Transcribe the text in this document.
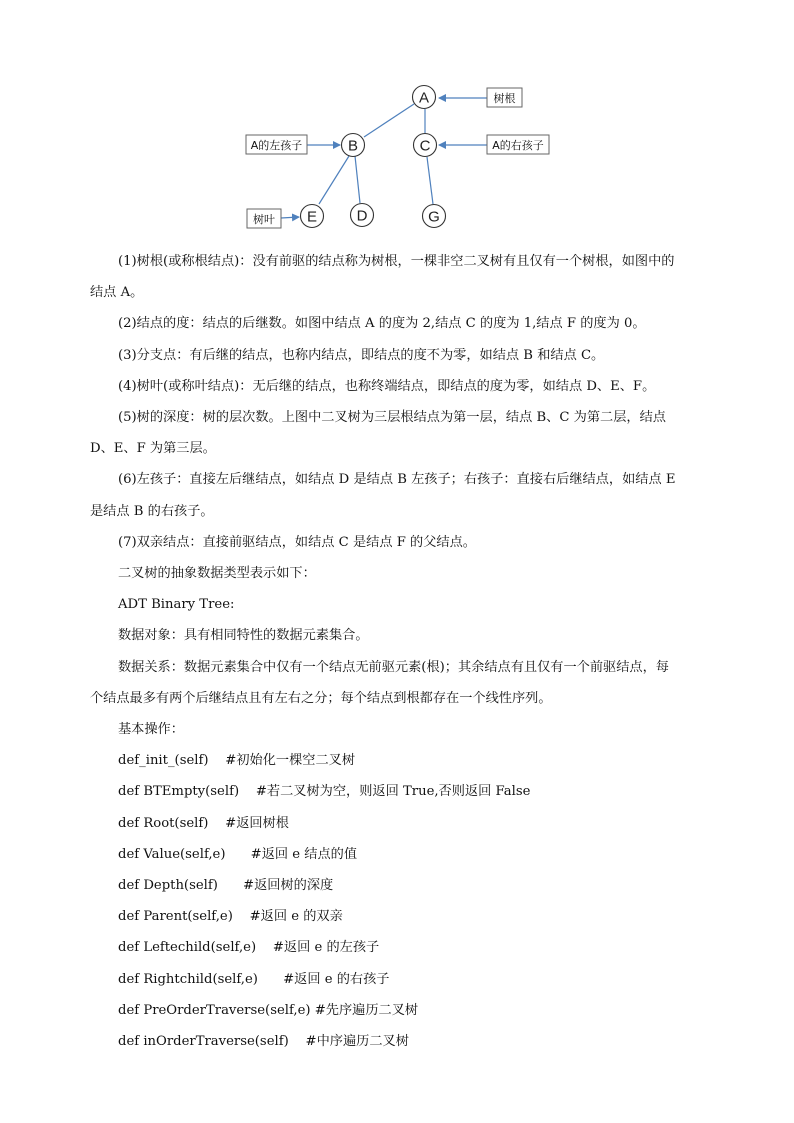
A
B	C
E	D	G
树根
A的左孩子	A的右孩子
树叶

(1)树根(或称根结点)：没有前驱的结点称为树根，一棵非空二叉树有且仅有一个树根，如图中的

结点 A。

(2)结点的度：结点的后继数。如图中结点 A 的度为 2,结点 C 的度为 1,结点 F 的度为 0。

(3)分支点：有后继的结点，也称内结点，即结点的度不为零，如结点 B 和结点 C。

(4)树叶(或称叶结点)：无后继的结点，也称终端结点，即结点的度为零，如结点 D、E、F。

(5)树的深度：树的层次数。上图中二叉树为三层根结点为第一层，结点 B、C 为第二层，结点

D、E、F 为第三层。

(6)左孩子：直接左后继结点，如结点 D 是结点 B 左孩子；右孩子：直接右后继结点，如结点 E

是结点 B 的右孩子。

(7)双亲结点：直接前驱结点，如结点 C 是结点 F 的父结点。

二叉树的抽象数据类型表示如下：

ADT Binary Tree:

数据对象：具有相同特性的数据元素集合。

数据关系：数据元素集合中仅有一个结点无前驱元素(根)；其余结点有且仅有一个前驱结点，每

个结点最多有两个后继结点且有左右之分；每个结点到根都存在一个线性序列。

基本操作：

def_init_(self)    #初始化一棵空二叉树

def BTEmpty(self)    #若二叉树为空，则返回 True,否则返回 False

def Root(self)    #返回树根

def Value(self,e)      #返回 e 结点的值

def Depth(self)      #返回树的深度

def Parent(self,e)    #返回 e 的双亲

def Leftechild(self,e)    #返回 e 的左孩子

def Rightchild(self,e)      #返回 e 的右孩子

def PreOrderTraverse(self,e) #先序遍历二叉树

def inOrderTraverse(self)    #中序遍历二叉树
